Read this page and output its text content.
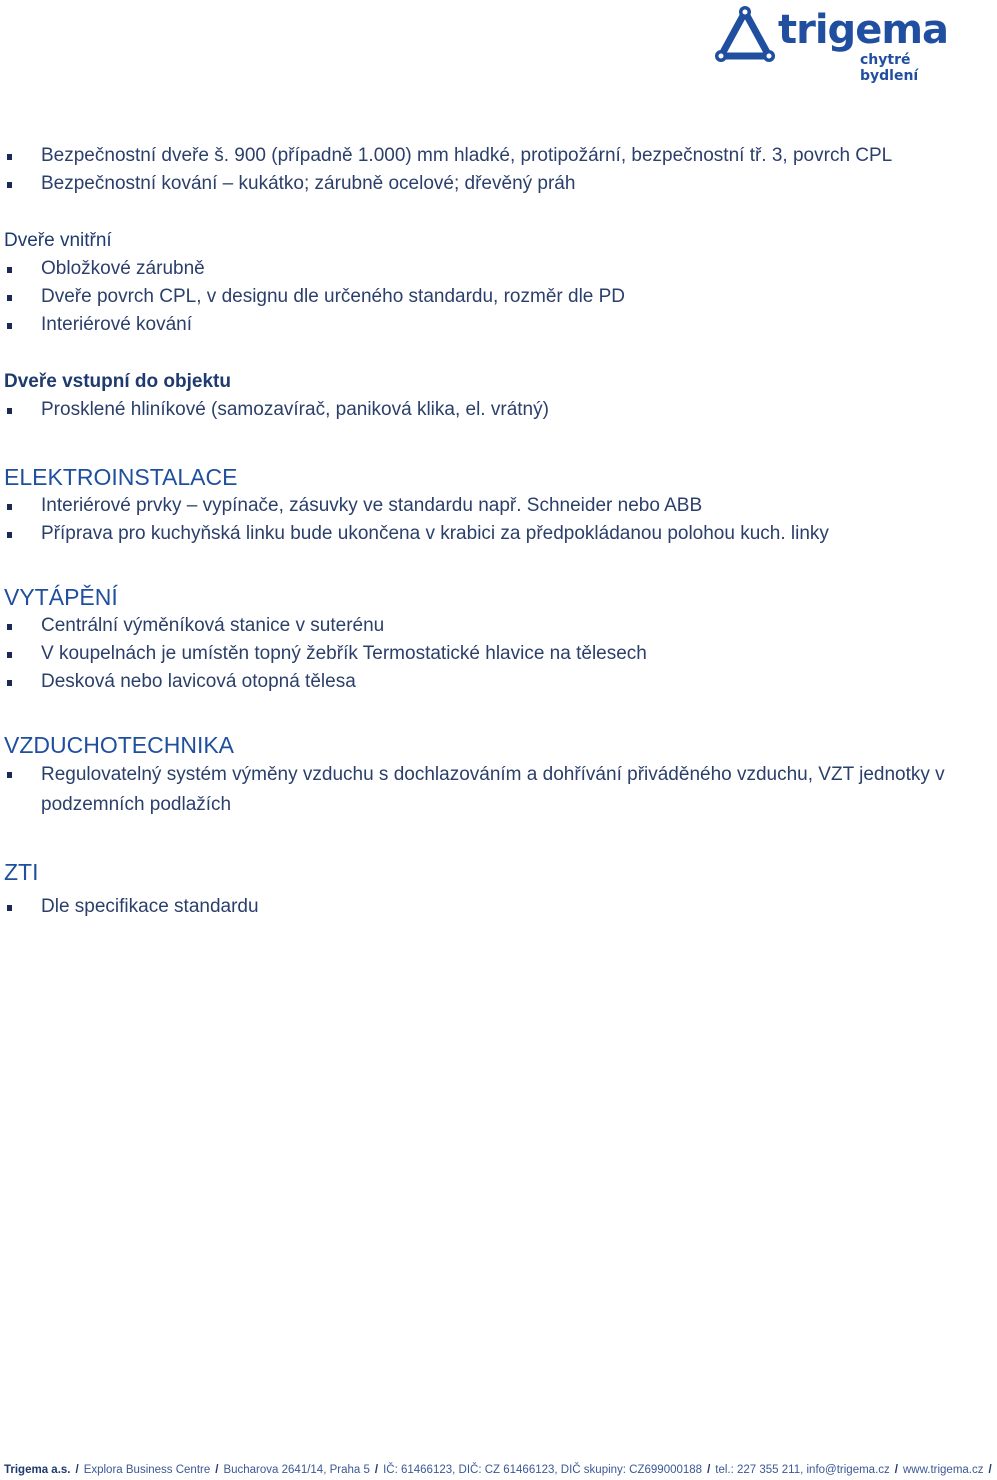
trigema
chytré bydlení
Bezpečnostní dveře š. 900 (případně 1.000) mm hladké, protipožární, bezpečnostní tř. 3, povrch CPL
Bezpečnostní kování – kukátko; zárubně ocelové; dřevěný práh
Dveře vnitřní
Obložkové zárubně
Dveře povrch CPL, v designu dle určeného standardu, rozměr dle PD
Interiérové kování
Dveře vstupní do objektu
Prosklené hliníkové (samozavírač, paniková klika, el. vrátný)
ELEKTROINSTALACE
Interiérové prvky – vypínače, zásuvky ve standardu např. Schneider nebo ABB
Příprava pro kuchyňská linku bude ukončena v krabici za předpokládanou polohou kuch. linky
VYTÁPĚNÍ
Centrální výměníková stanice v suterénu
V koupelnách je umístěn topný žebřík Termostatické hlavice na tělesech
Desková nebo lavicová otopná tělesa
VZDUCHOTECHNIKA
Regulovatelný systém výměny vzduchu s dochlazováním a dohřívání přiváděného vzduchu, VZT jednotky v podzemních podlažích
ZTI
Dle specifikace standardu
Trigema a.s. / Explora Business Centre / Bucharova 2641/14, Praha 5 / IČ: 61466123, DIČ: CZ 61466123, DIČ skupiny: CZ699000188 / tel.: 227 355 211, info@trigema.cz / www.trigema.cz /
